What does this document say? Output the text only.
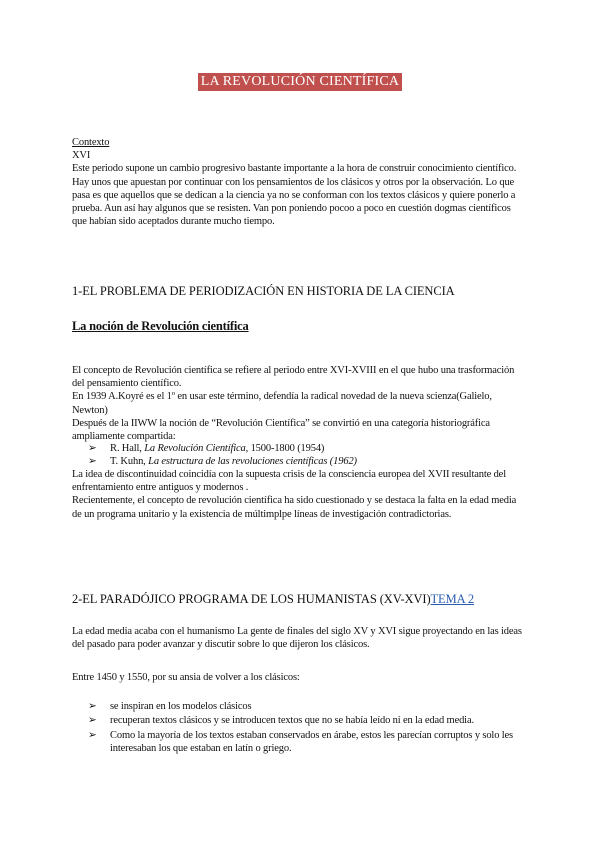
LA REVOLUCIÓN CIENTÍFICA

Contexto

XVI

Este periodo supone un cambio progresivo bastante importante a la hora de construir conocimiento científico.

Hay unos que apuestan por continuar con los pensamientos de los clásicos y otros por la observación. Lo que pasa es que aquellos que se dedican a la ciencia ya no se conforman con los textos clásicos y quiere ponerlo a prueba. Aun así hay algunos que se resisten. Van pon poniendo pocoo a poco en cuestión dogmas científicos que habían sido aceptados durante mucho tiempo.

1-EL PROBLEMA DE PERIODIZACIÓN EN HISTORIA DE LA CIENCIA
La noción de Revolución científica

El concepto de Revolución científica se refiere al periodo entre XVI-XVIII en el que hubo una trasformación del pensamiento científico.

En 1939 A.Koyré es el 1º en usar este término, defendía la radical novedad de la nueva scienza(Galielo, Newton)

Después de la IIWW la noción de “Revolución Científica” se convirtió en una categoría historiográfica ampliamente compartida:

➢ R. Hall, La Revolución Científica, 1500-1800 (1954)
➢ T. Kuhn, La estructura de las revoluciones científicas (1962)

La idea de discontinuidad coincidía con la supuesta crisis de la consciencia europea del XVII resultante del enfrentamiento entre antiguos y modernos .

Recientemente, el concepto de revolución científica ha sido cuestionado y se destaca la falta en la edad media de un programa unitario y la existencia de múltimplpe líneas de investigación contradictorias.

2-EL PARADÓJICO PROGRAMA DE LOS HUMANISTAS (XV-XVI)TEMA 2
La edad media acaba con el humanismo La gente de finales del siglo XV y XVI sigue proyectando en las ideas del pasado para poder avanzar y discutir sobre lo que dijeron los clásicos.
Entre 1450 y 1550, por su ansia de volver a los clásicos:
➢ se inspiran en los modelos clásicos
➢recuperan textos clásicos y se introducen textos que no se había leído ni en la edad media.
➢ Como la mayoría de los textos estaban conservados en árabe, estos les parecían corruptos y solo les interesaban los que estaban en latín o griego.
